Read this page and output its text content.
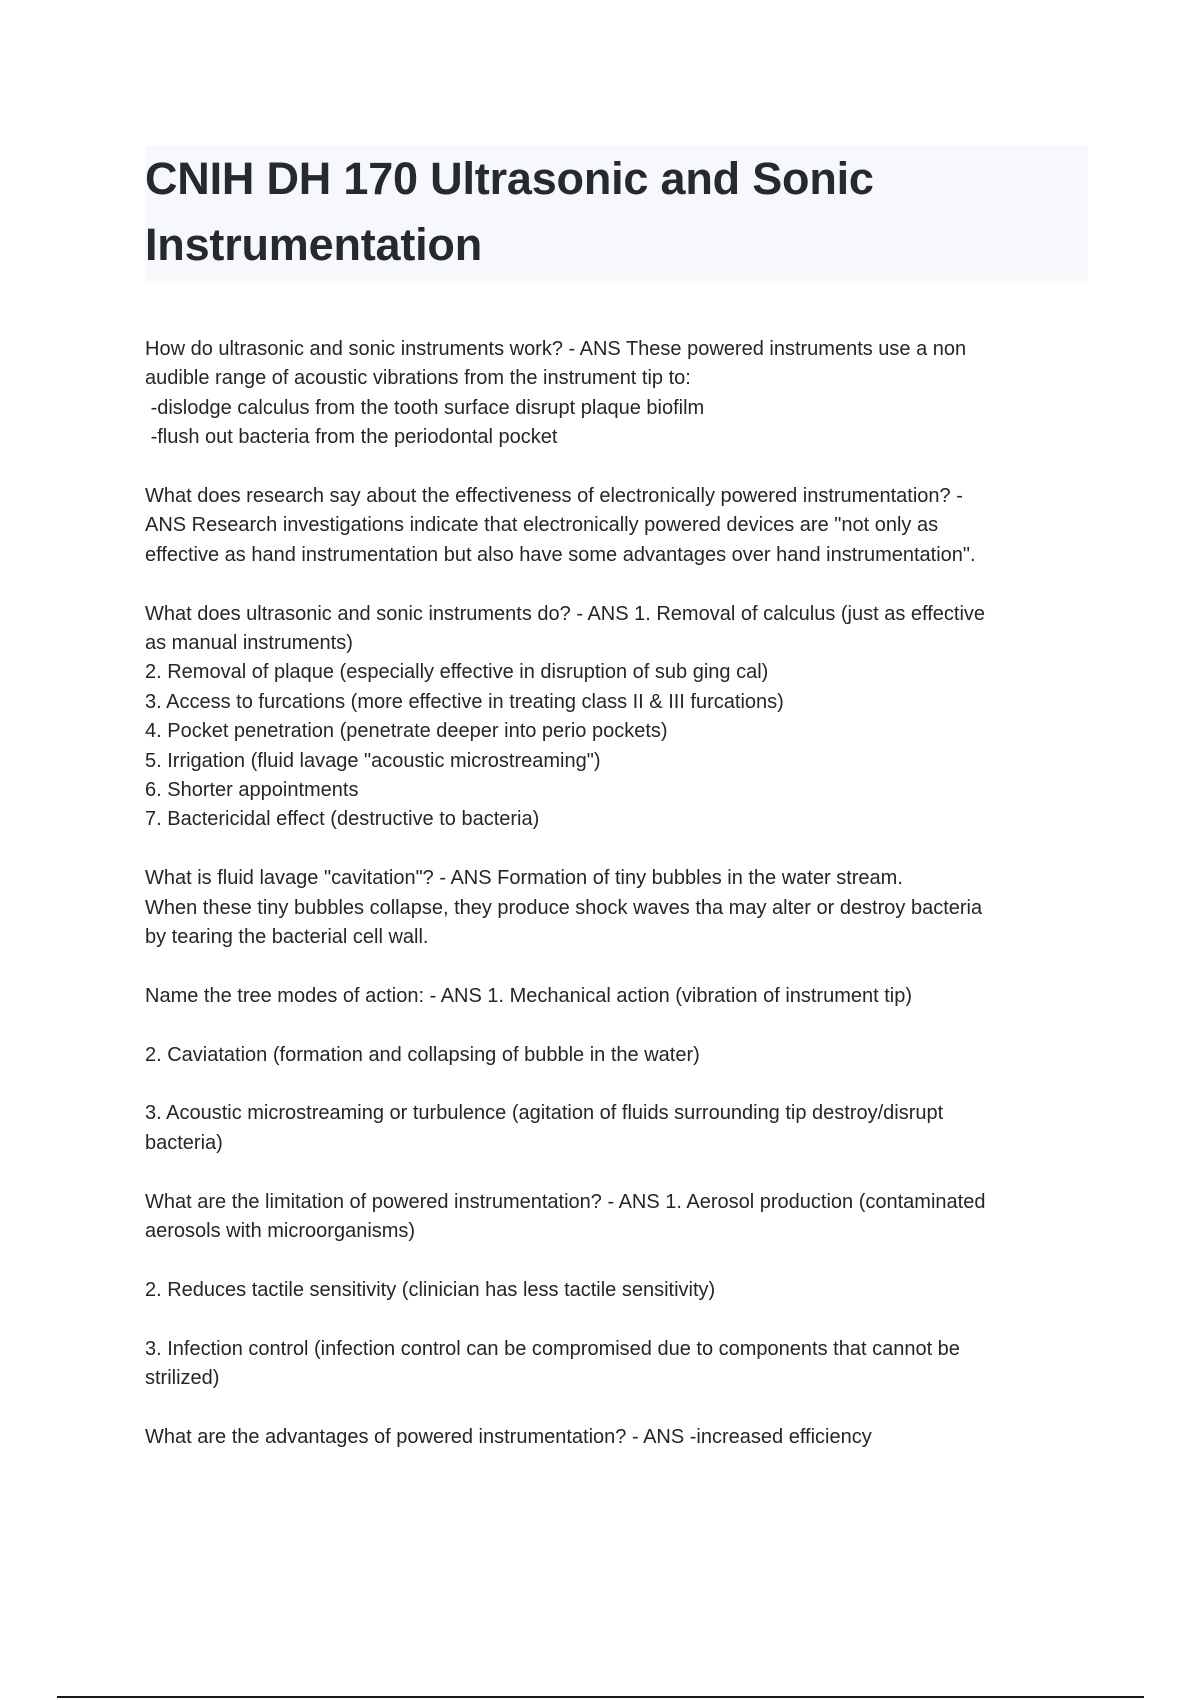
CNIH DH 170 Ultrasonic and Sonic
Instrumentation

How do ultrasonic and sonic instruments work? - ANS These powered instruments use a non
audible range of acoustic vibrations from the instrument tip to:
-dislodge calculus from the tooth surface disrupt plaque biofilm
-flush out bacteria from the periodontal pocket

What does research say about the effectiveness of electronically powered instrumentation? -
ANS Research investigations indicate that electronically powered devices are "not only as
effective as hand instrumentation but also have some advantages over hand instrumentation".

What does ultrasonic and sonic instruments do? - ANS 1. Removal of calculus (just as effective
as manual instruments)
2. Removal of plaque (especially effective in disruption of sub ging cal)
3. Access to furcations (more effective in treating class II & III furcations)
4. Pocket penetration (penetrate deeper into perio pockets)
5. Irrigation (fluid lavage "acoustic microstreaming")
6. Shorter appointments
7. Bactericidal effect (destructive to bacteria)

What is fluid lavage "cavitation"? - ANS Formation of tiny bubbles in the water stream.
When these tiny bubbles collapse, they produce shock waves tha may alter or destroy bacteria
by tearing the bacterial cell wall.

Name the tree modes of action: - ANS 1. Mechanical action (vibration of instrument tip)

2. Caviatation (formation and collapsing of bubble in the water)

3. Acoustic microstreaming or turbulence (agitation of fluids surrounding tip destroy/disrupt
bacteria)

What are the limitation of powered instrumentation? - ANS 1. Aerosol production (contaminated
aerosols with microorganisms)

2. Reduces tactile sensitivity (clinician has less tactile sensitivity)

3. Infection control (infection control can be compromised due to components that cannot be
strilized)

What are the advantages of powered instrumentation? - ANS -increased efficiency
